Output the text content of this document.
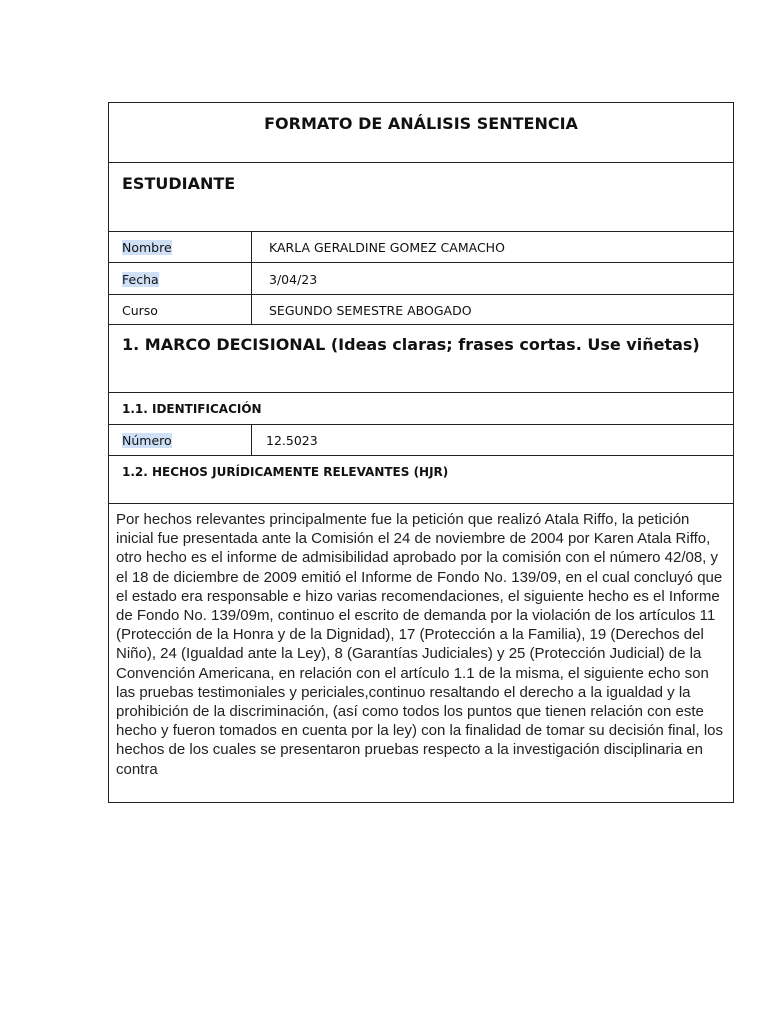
FORMATO DE ANÁLISIS SENTENCIA
ESTUDIANTE
Nombre	KARLA GERALDINE GOMEZ CAMACHO
Fecha	3/04/23
Curso	SEGUNDO SEMESTRE ABOGADO
1. MARCO DECISIONAL (Ideas claras; frases cortas. Use viñetas)
1.1. IDENTIFICACIÓN
Número	12.5023
1.2. HECHOS JURÍDICAMENTE RELEVANTES (HJR)
Por hechos relevantes principalmente fue la petición que realizó Atala Riffo, la petición inicial fue presentada ante la Comisión el 24 de noviembre de 2004 por Karen Atala Riffo, otro hecho es el informe de admisibilidad aprobado por la comisión con el número 42/08, y el 18 de diciembre de 2009 emitió el Informe de Fondo No. 139/09, en el cual concluyó que el estado era responsable e hizo varias recomendaciones, el siguiente hecho es el Informe de Fondo No. 139/09m, continuo el escrito de demanda por la violación de los artículos 11 (Protección de la Honra y de la Dignidad), 17 (Protección a la Familia), 19 (Derechos del Niño), 24 (Igualdad ante la Ley), 8 (Garantías Judiciales) y 25 (Protección Judicial) de la Convención Americana, en relación con el artículo 1.1 de la misma, el siguiente echo son las pruebas testimoniales y periciales,continuo resaltando el derecho a la igualdad y la prohibición de la discriminación, (así como todos los puntos que tienen relación con este hecho y fueron tomados en cuenta por la ley) con la finalidad de tomar su decisión final, los hechos de los cuales se presentaron pruebas respecto a la investigación disciplinaria en contra
